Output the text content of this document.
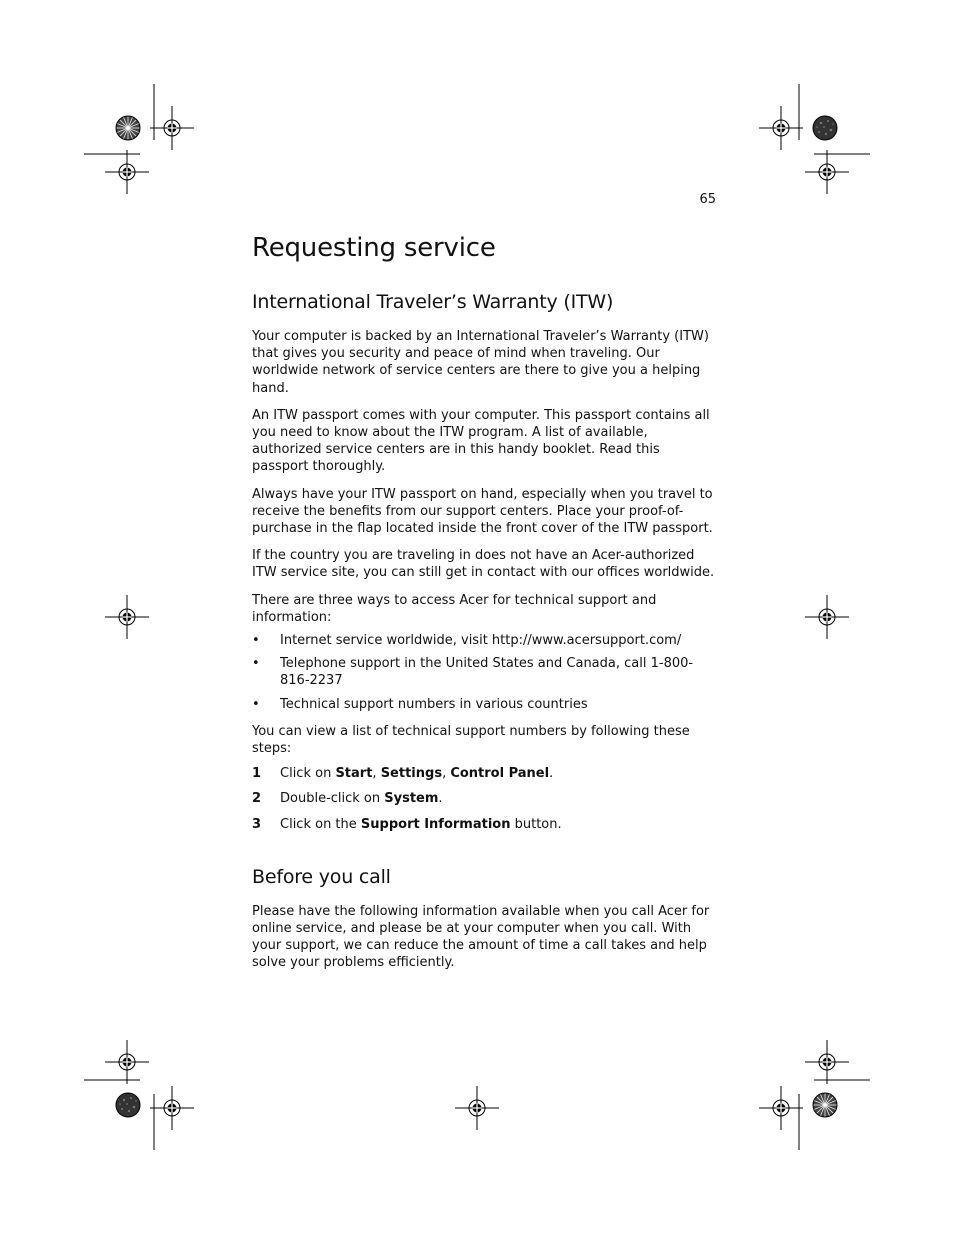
65
Requesting service
International Traveler’s Warranty (ITW)

Your computer is backed by an International Traveler’s Warranty (ITW) that gives you security and peace of mind when traveling. Our worldwide network of service centers are there to give you a helping hand.

An ITW passport comes with your computer. This passport contains all you need to know about the ITW program. A list of available, authorized service centers are in this handy booklet. Read this passport thoroughly.

Always have your ITW passport on hand, especially when you travel to receive the benefits from our support centers. Place your proof-of-purchase in the flap located inside the front cover of the ITW passport.

If the country you are traveling in does not have an Acer-authorized ITW service site, you can still get in contact with our offices worldwide.

There are three ways to access Acer for technical support and information:

• Internet service worldwide, visit http://www.acersupport.com/
• Telephone support in the United States and Canada, call 1-800-816-2237
• Technical support numbers in various countries

You can view a list of technical support numbers by following these steps:

1 Click on Start, Settings, Control Panel.
2 Double-click on System.
3 Click on the Support Information button.
Before you call

Please have the following information available when you call Acer for online service, and please be at your computer when you call. With your support, we can reduce the amount of time a call takes and help solve your problems efficiently.
